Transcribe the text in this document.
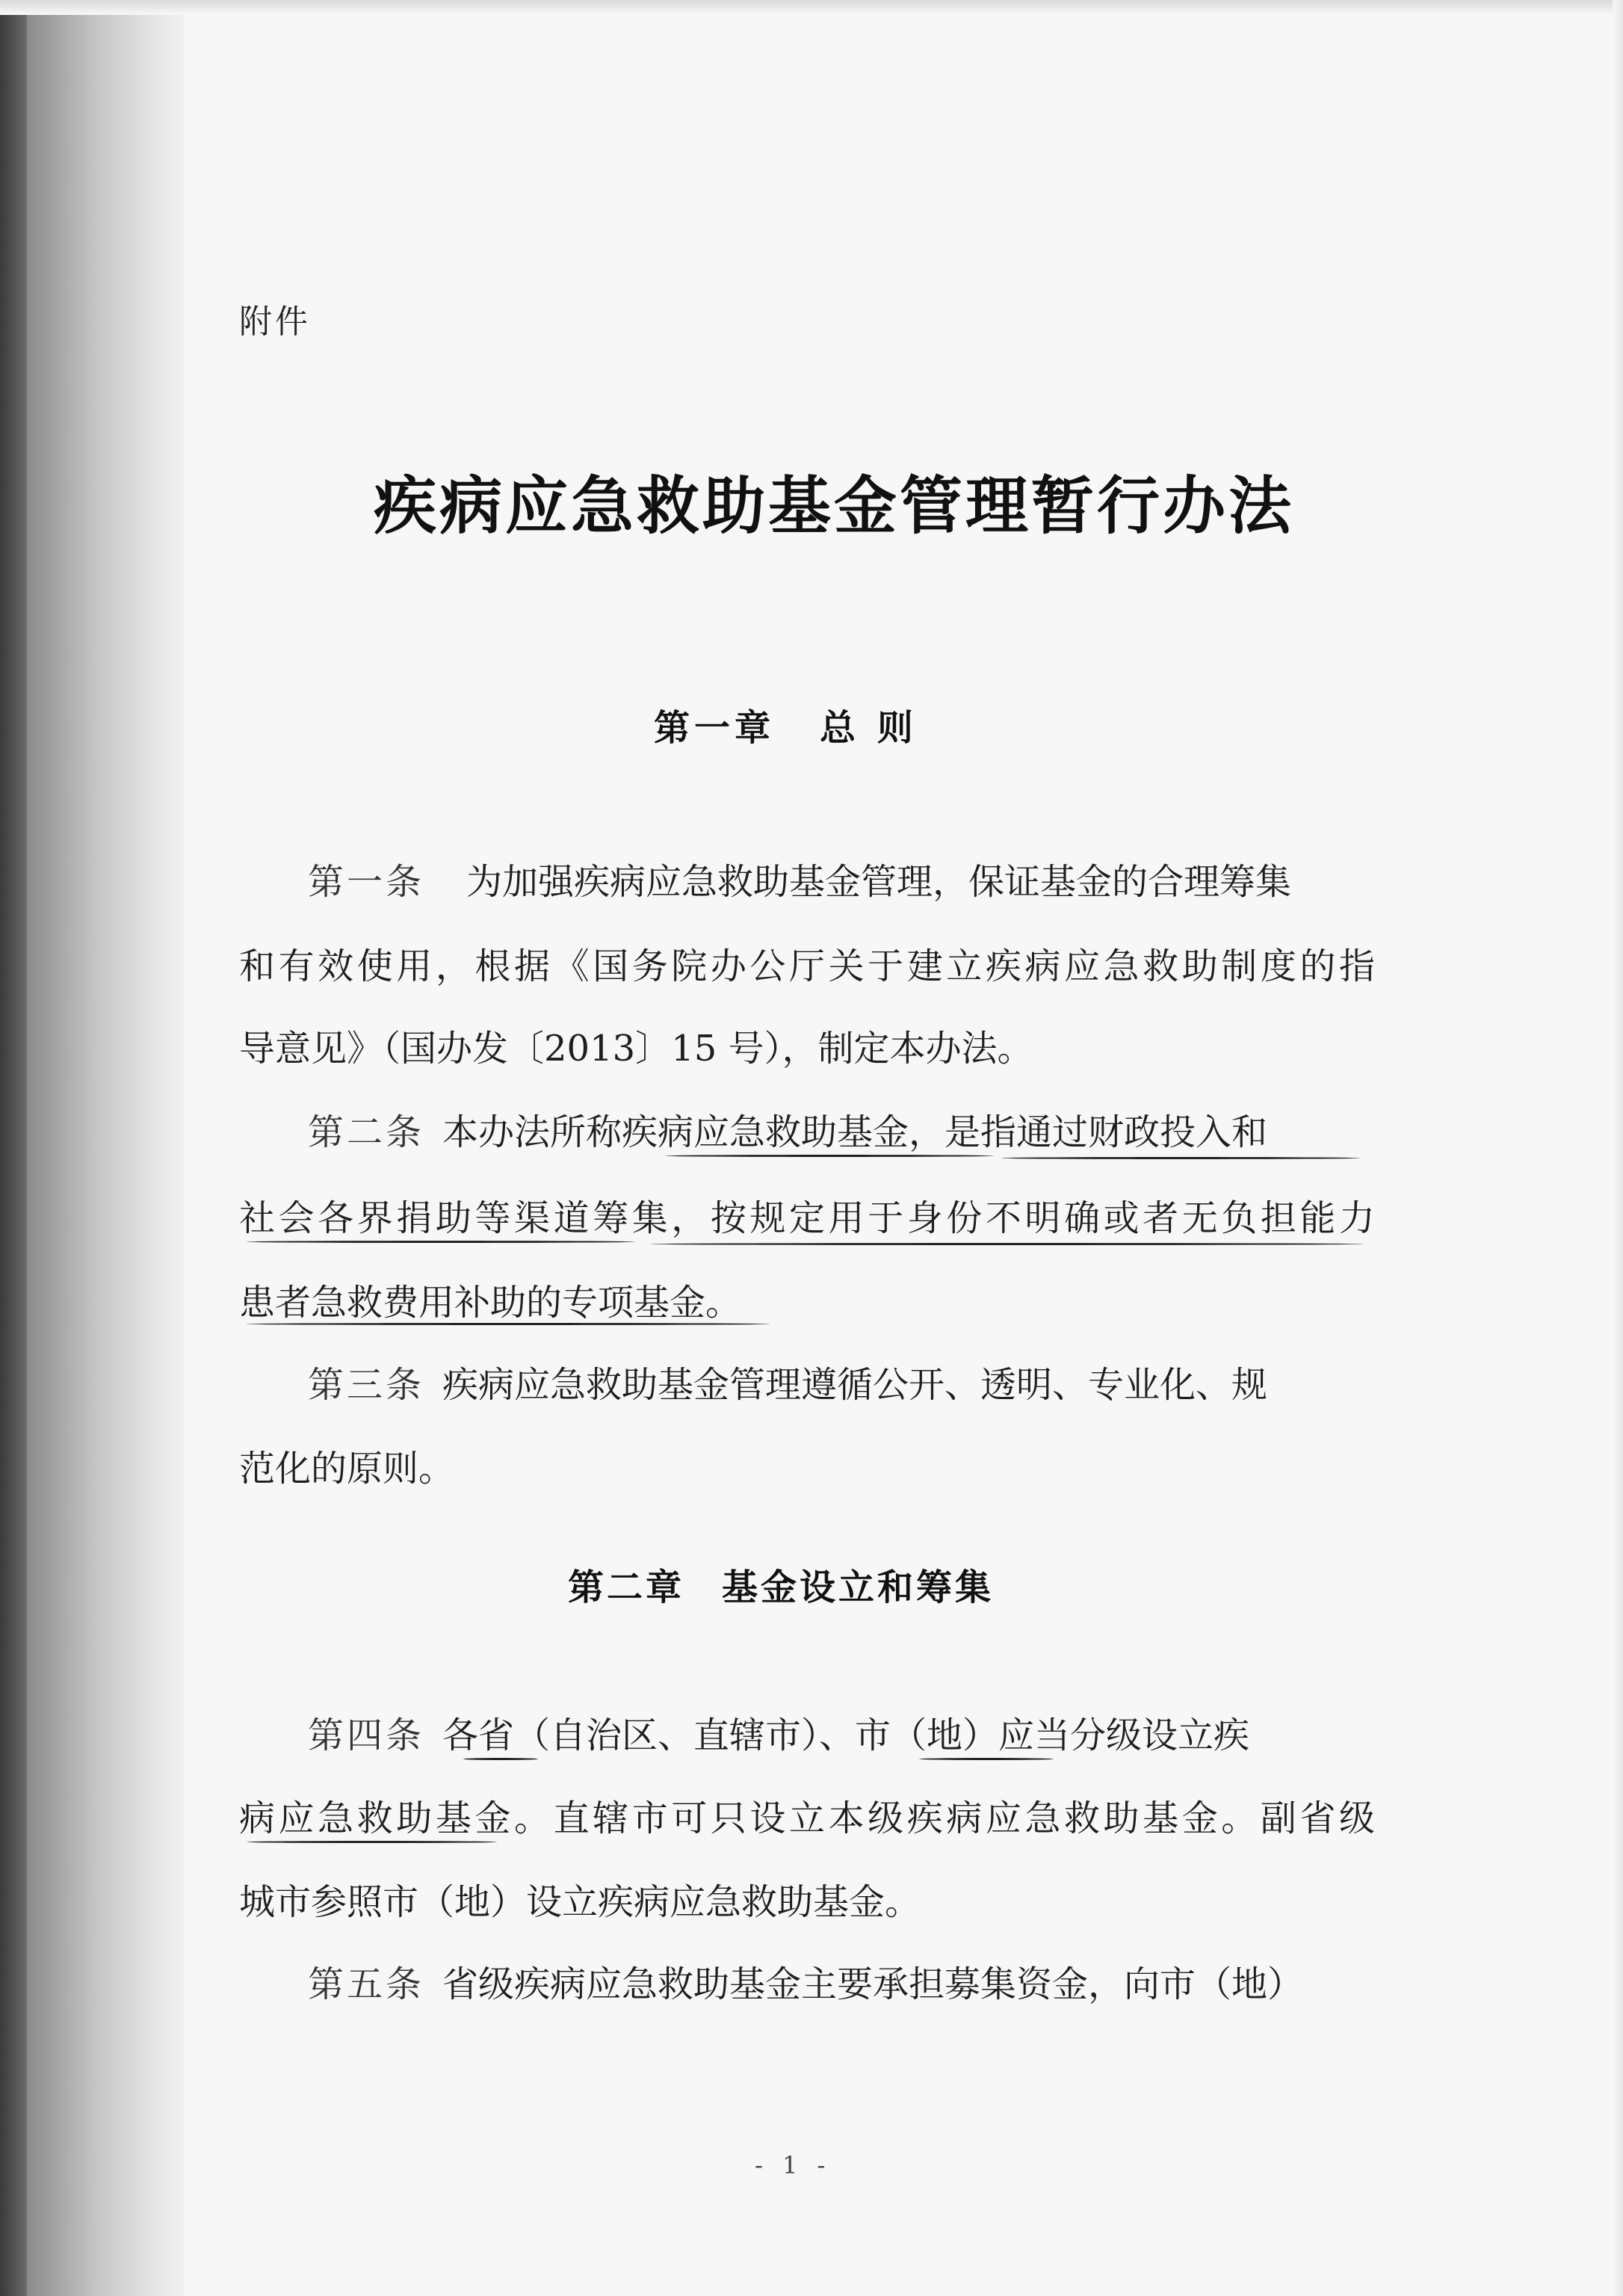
附件
疾病应急救助基金管理暂行办法
第一章 总 则
第一条 为加强疾病应急救助基金管理，保证基金的合理筹集
和有效使用，根据《国务院办公厅关于建立疾病应急救助制度的指
导意见》（国办发〔2013〕15 号），制定本办法。
第二条 本办法所称疾病应急救助基金，是指通过财政投入和
社会各界捐助等渠道筹集，按规定用于身份不明确或者无负担能力
患者急救费用补助的专项基金。
第三条 疾病应急救助基金管理遵循公开、透明、专业化、规
范化的原则。
第二章 基金设立和筹集
第四条 各省（自治区、直辖市）、市（地）应当分级设立疾
病应急救助基金。直辖市可只设立本级疾病应急救助基金。副省级
城市参照市（地）设立疾病应急救助基金。
第五条 省级疾病应急救助基金主要承担募集资金，向市（地）
- 1 -
